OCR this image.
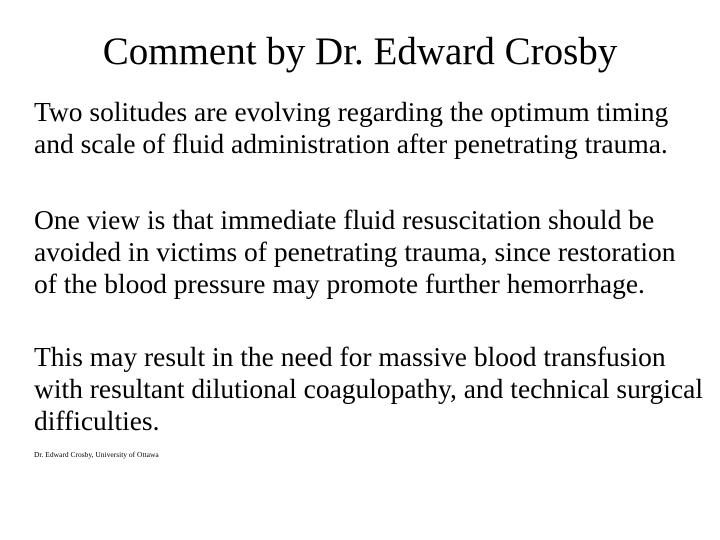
Comment by Dr. Edward Crosby
Two solitudes are evolving regarding the optimum timing and scale of fluid administration after penetrating trauma.
One view is that immediate fluid resuscitation should be avoided in victims of penetrating trauma, since restoration of the blood pressure may promote further hemorrhage.
This may result in the need for massive blood transfusion with resultant dilutional coagulopathy, and technical surgical difficulties.
Dr. Edward Crosby, University of Ottawa
